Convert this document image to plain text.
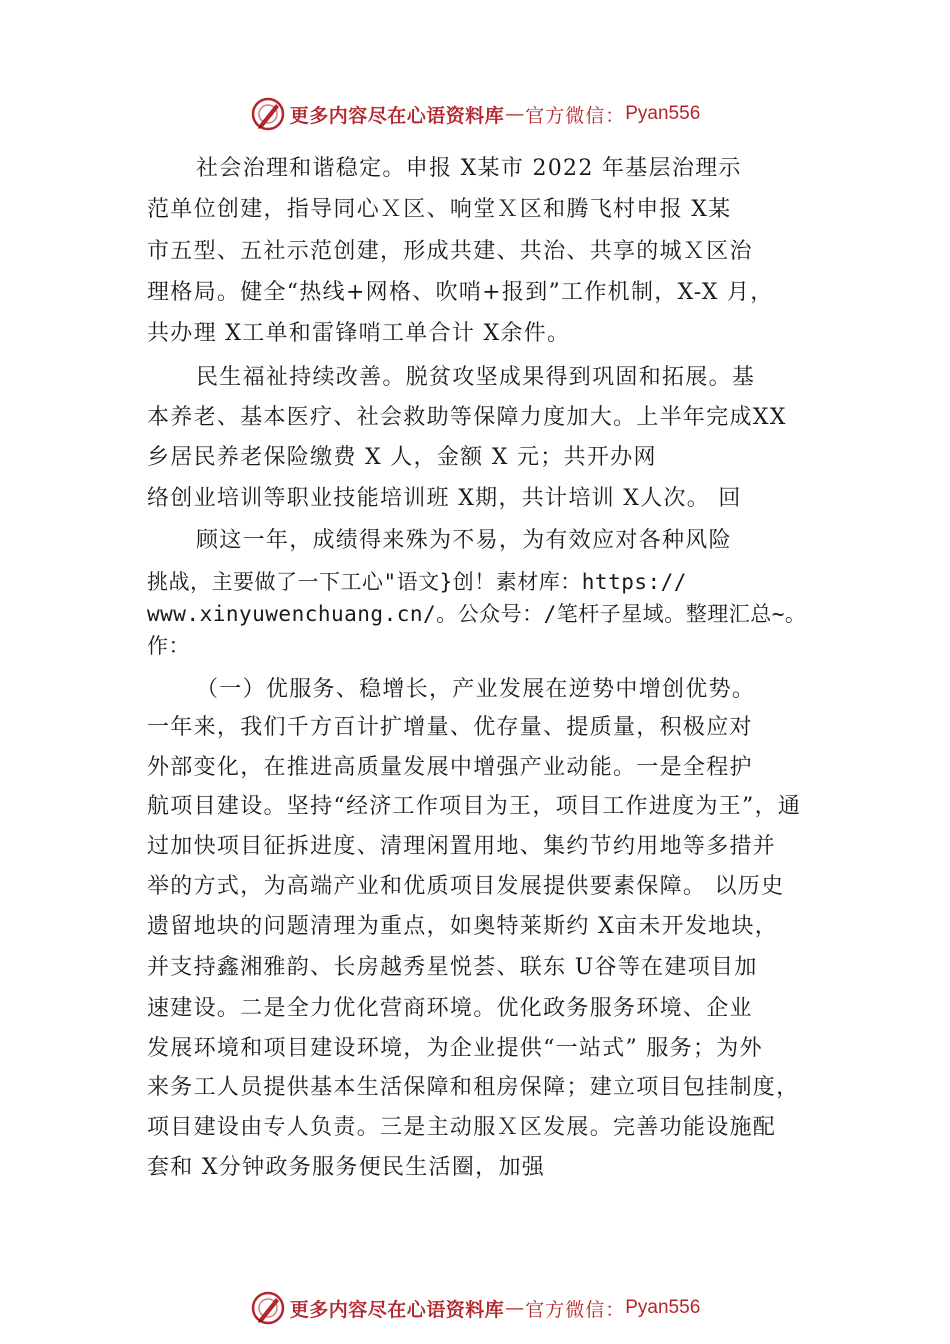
更多内容尽在心语资料库 — 官方微信： Pyan556
社会治理和谐稳定。申报 X某市 2022 年基层治理示
范单位创建，指导同心Ｘ区、响堂Ｘ区和腾飞村申报 X某
市五型、五社示范创建，形成共建、共治、共享的城Ｘ区治
理格局。健全“热线+网格、吹哨+报到”工作机制，X-X 月，
共办理 X工单和雷锋哨工单合计 X余件。
民生福祉持续改善。脱贫攻坚成果得到巩固和拓展。基
本养老、基本医疗、社会救助等保障力度加大。上半年完成XX
乡居民养老保险缴费 X 人，金额 X 元；共开办网
络创业培训等职业技能培训班 X期，共计培训 X人次。 回
顾这一年，成绩得来殊为不易，为有效应对各种风险
挑战，主要做了一下工心"语文}创！素材库：https://
www.xinyuwenchuang.cn/。公众号：/笔杆子星域。整理汇总~。
作：
（一）优服务、稳增长，产业发展在逆势中增创优势。
一年来，我们千方百计扩增量、优存量、提质量，积极应对
外部变化，在推进高质量发展中增强产业动能。一是全程护
航项目建设。坚持“经济工作项目为王，项目工作进度为王”，通
过加快项目征拆进度、清理闲置用地、集约节约用地等多措并
举的方式，为高端产业和优质项目发展提供要素保障。 以历史
遗留地块的问题清理为重点，如奥特莱斯约 X亩未开发地块，
并支持鑫湘雅韵、长房越秀星悦荟、联东 U谷等在建项目加
速建设。二是全力优化营商环境。优化政务服务环境、企业
发展环境和项目建设环境，为企业提供“一站式” 服务；为外
来务工人员提供基本生活保障和租房保障；建立项目包挂制度，
项目建设由专人负责。三是主动服Ｘ区发展。完善功能设施配
套和 X分钟政务服务便民生活圈，加强
更多内容尽在心语资料库 — 官方微信： Pyan556
